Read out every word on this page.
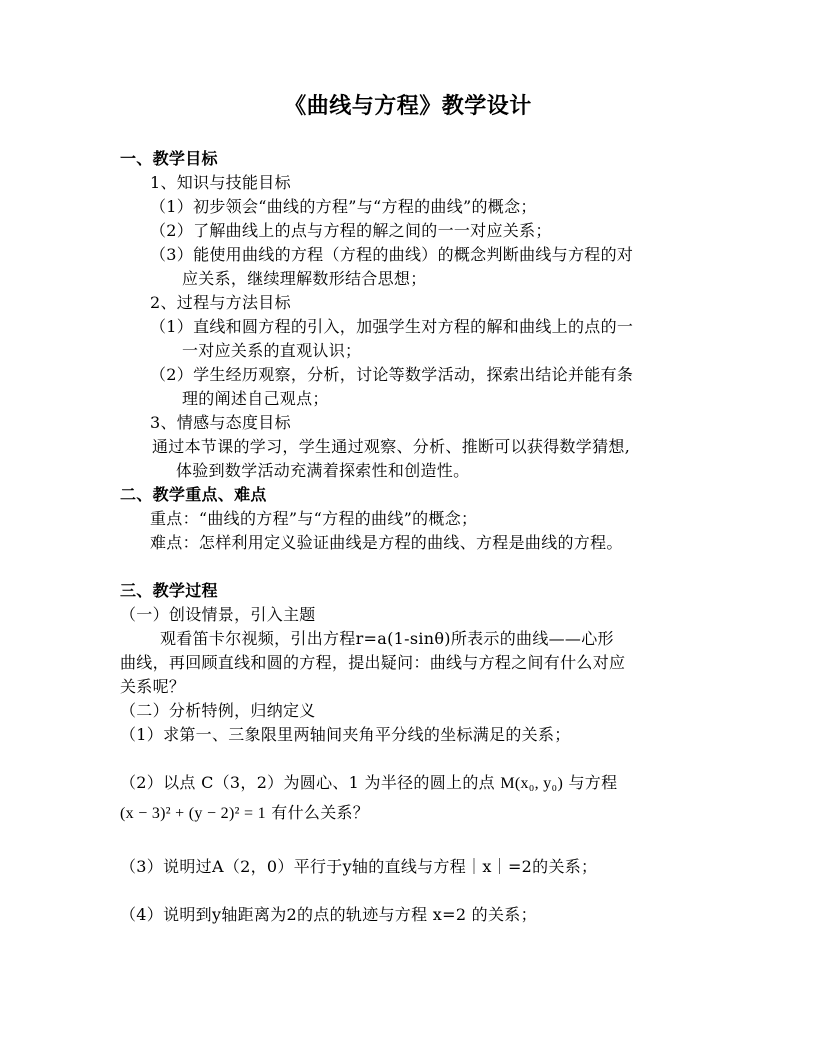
《曲线与方程》教学设计
一、教学目标
1、知识与技能目标
（1）初步领会“曲线的方程”与“方程的曲线”的概念；
（2）了解曲线上的点与方程的解之间的一一对应关系；
（3）能使用曲线的方程（方程的曲线）的概念判断曲线与方程的对
应关系，继续理解数形结合思想；
2、过程与方法目标
（1）直线和圆方程的引入，加强学生对方程的解和曲线上的点的一
一对应关系的直观认识；
（2）学生经历观察，分析，讨论等数学活动，探索出结论并能有条
理的阐述自己观点；
3、情感与态度目标
通过本节课的学习，学生通过观察、分析、推断可以获得数学猜想,
体验到数学活动充满着探索性和创造性。
二、教学重点、难点
重点：“曲线的方程”与“方程的曲线”的概念；
难点：怎样利用定义验证曲线是方程的曲线、方程是曲线的方程。
三、教学过程
（一）创设情景，引入主题
观看笛卡尔视频，引出方程r=a(1-sinθ)所表示的曲线——心形
曲线，再回顾直线和圆的方程，提出疑问：曲线与方程之间有什么对应
关系呢？
（二）分析特例，归纳定义
（1）求第一、三象限里两轴间夹角平分线的坐标满足的关系；
（2）以点 C（3，2）为圆心、1 为半径的圆上的点 M(x₀, y₀) 与方程
(x − 3)² + (y − 2)² = 1 有什么关系？
（3）说明过A（2，0）平行于y轴的直线与方程｜x｜=2的关系；
（4）说明到y轴距离为2的点的轨迹与方程 x=2 的关系；
